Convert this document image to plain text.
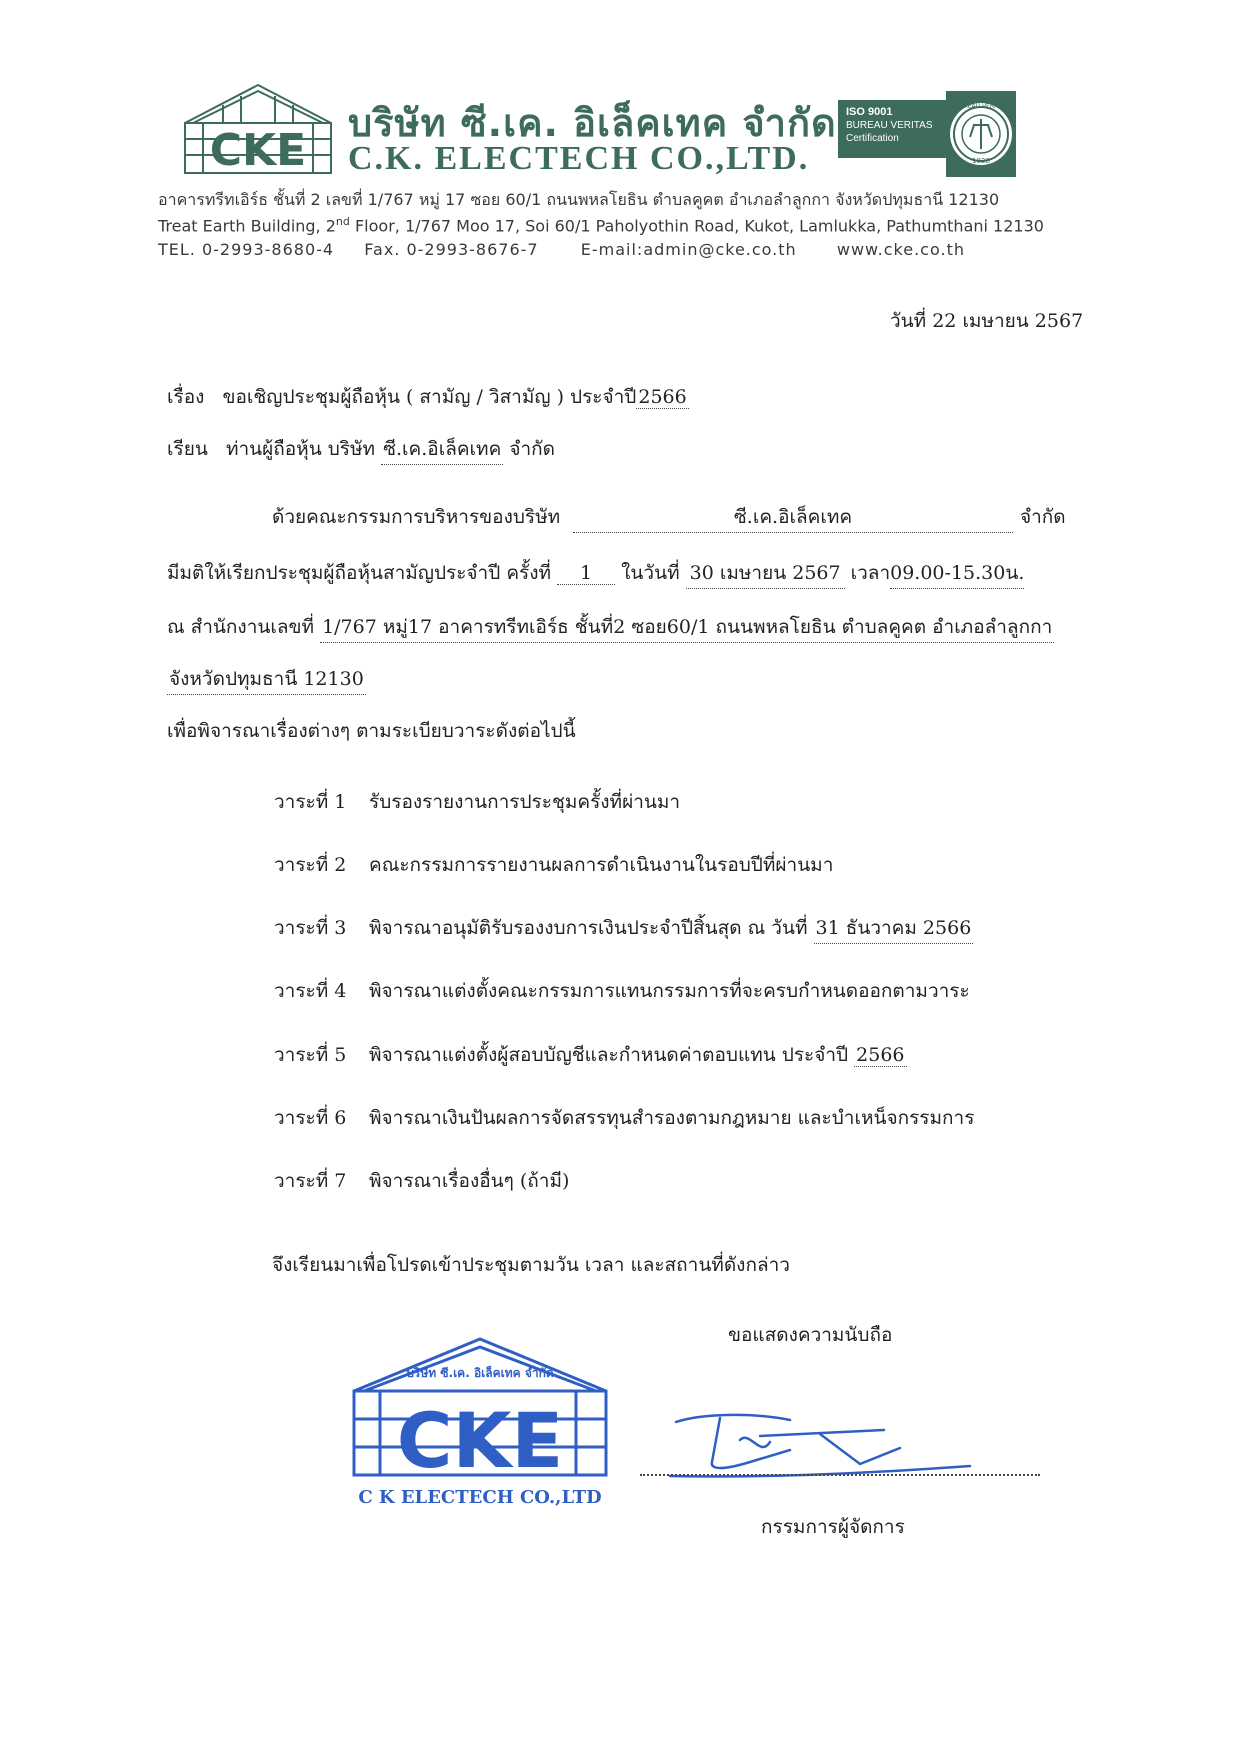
CKE
บริษัท ซี.เค. อิเล็คเทค จำกัด
C.K. ELECTECH CO.,LTD.
ISO 9001
BUREAU VERITAS
Certification
BUREAU VERITAS
1828
อาคารทรีทเอิร์ธ ชั้นที่ 2 เลขที่ 1/767 หมู่ 17 ซอย 60/1 ถนนพหลโยธิน ตำบลคูคต อำเภอลำลูกกา จังหวัดปทุมธานี 12130
Treat Earth Building, 2nd Floor, 1/767 Moo 17, Soi 60/1 Paholyothin Road, Kukot, Lamlukka, Pathumthani 12130
TEL. 0-2993-8680-4 Fax. 0-2993-8676-7	E-mail:admin@cke.co.th	www.cke.co.th
วันที่ 22 เมษายน 2567
เรื่อง ขอเชิญประชุมผู้ถือหุ้น ( สามัญ / วิสามัญ ) ประจำปี 2566
เรียน ท่านผู้ถือหุ้น บริษัท ซี.เค.อิเล็คเทค จำกัด
ด้วยคณะกรรมการบริหารของบริษัท	ซี.เค.อิเล็คเทค	จำกัด
มีมติให้เรียกประชุมผู้ถือหุ้นสามัญประจำปี ครั้งที่ 1 ในวันที่ 30 เมษายน 2567 เวลา09.00-15.30น.
ณ สำนักงานเลขที่ 1/767 หมู่17 อาคารทรีทเอิร์ธ ชั้นที่2 ซอย60/1 ถนนพหลโยธิน ตำบลคูคต อำเภอลำลูกกา
จังหวัดปทุมธานี 12130
เพื่อพิจารณาเรื่องต่างๆ ตามระเบียบวาระดังต่อไปนี้
วาระที่ 1 รับรองรายงานการประชุมครั้งที่ผ่านมา
วาระที่ 2 คณะกรรมการรายงานผลการดำเนินงานในรอบปีที่ผ่านมา
วาระที่ 3 พิจารณาอนุมัติรับรองงบการเงินประจำปีสิ้นสุด ณ วันที่ 31 ธันวาคม 2566
วาระที่ 4 พิจารณาแต่งตั้งคณะกรรมการแทนกรรมการที่จะครบกำหนดออกตามวาระ
วาระที่ 5 พิจารณาแต่งตั้งผู้สอบบัญชีและกำหนดค่าตอบแทน ประจำปี 2566
วาระที่ 6 พิจารณาเงินปันผลการจัดสรรทุนสำรองตามกฎหมาย และบำเหน็จกรรมการ
วาระที่ 7 พิจารณาเรื่องอื่นๆ (ถ้ามี)
จึงเรียนมาเพื่อโปรดเข้าประชุมตามวัน เวลา และสถานที่ดังกล่าว
ขอแสดงความนับถือ
บริษัท ซี.เค. อิเล็คเทค จำกัด
CKE
C K ELECTECH CO.,LTD
กรรมการผู้จัดการ
